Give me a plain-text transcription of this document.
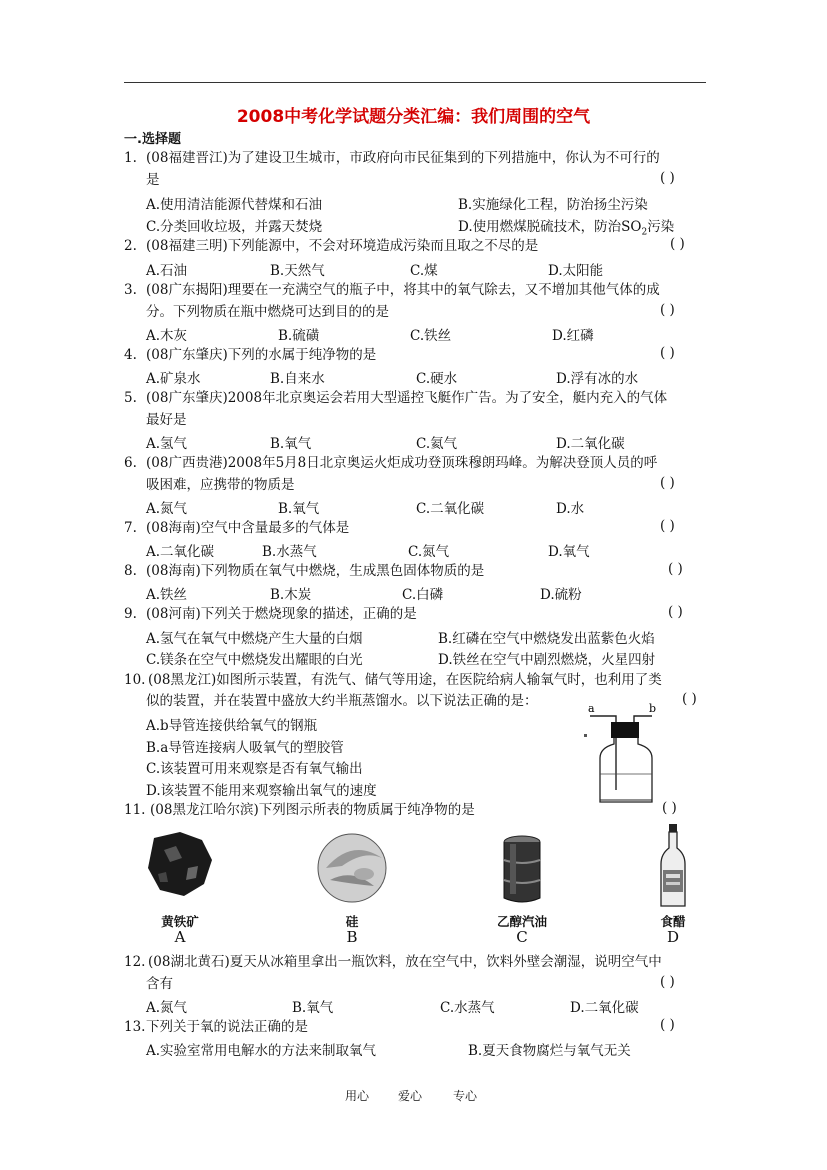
2008中考化学试题分类汇编：我们周围的空气
一.选择题
1. (08福建晋江)为了建设卫生城市，市政府向市民征集到的下列措施中，你认为不可行的
是	( )
A.使用清洁能源代替煤和石油	B.实施绿化工程，防治扬尘污染
C.分类回收垃圾，并露天焚烧	D.使用燃煤脱硫技术，防治$SO_2$污染
2. (08福建三明)下列能源中，不会对环境造成污染而且取之不尽的是	( )
A.石油	B.天然气	C.煤	D.太阳能
3. (08广东揭阳)理要在一充满空气的瓶子中，将其中的氧气除去，又不增加其他气体的成
分。下列物质在瓶中燃烧可达到目的的是	( )
A.木灰	B.硫磺	C.铁丝	D.红磷
4. (08广东肇庆)下列的水属于纯净物的是	( )
A.矿泉水	B.自来水	C.硬水	D.浮有冰的水
5. (08广东肇庆)2008年北京奥运会若用大型遥控飞艇作广告。为了安全，艇内充入的气体
最好是
A.氢气	B.氧气	C.氦气	D.二氧化碳
6. (08广西贵港)2008年5月8日北京奥运火炬成功登顶珠穆朗玛峰。为解决登顶人员的呼
吸困难，应携带的物质是	( )
A.氮气	B.氧气	C.二氧化碳	D.水
7. (08海南)空气中含量最多的气体是	( )
A.二氧化碳	B.水蒸气	C.氮气	D.氧气
8. (08海南)下列物质在氧气中燃烧，生成黑色固体物质的是	( )
A.铁丝	B.木炭	C.白磷	D.硫粉
9. (08河南)下列关于燃烧现象的描述，正确的是	( )
A.氢气在氧气中燃烧产生大量的白烟	B.红磷在空气中燃烧发出蓝紫色火焰
C.镁条在空气中燃烧发出耀眼的白光	D.铁丝在空气中剧烈燃烧，火星四射
10. (08黑龙江)如图所示装置，有洗气、储气等用途，在医院给病人输氧气时，也利用了类
似的装置，并在装置中盛放大约半瓶蒸馏水。以下说法正确的是：	( )
A.b导管连接供给氧气的钢瓶
B.a导管连接病人吸氧气的塑胶管
C.该装置可用来观察是否有氧气输出
D.该装置不能用来观察输出氧气的速度
a	b
11. (08黑龙江哈尔滨)下列图示所表的物质属于纯净物的是	( )
黄铁矿
A
硅
B
乙醇汽油
C
食醋
D
12. (08湖北黄石)夏天从冰箱里拿出一瓶饮料，放在空气中，饮料外壁会潮湿，说明空气中
含有	( )
A.氮气	B.氧气	C.水蒸气	D.二氧化碳
13. 下列关于氧的说法正确的是	( )
A.实验室常用电解水的方法来制取氧气	B.夏天食物腐烂与氧气无关
用心 爱心	专心
